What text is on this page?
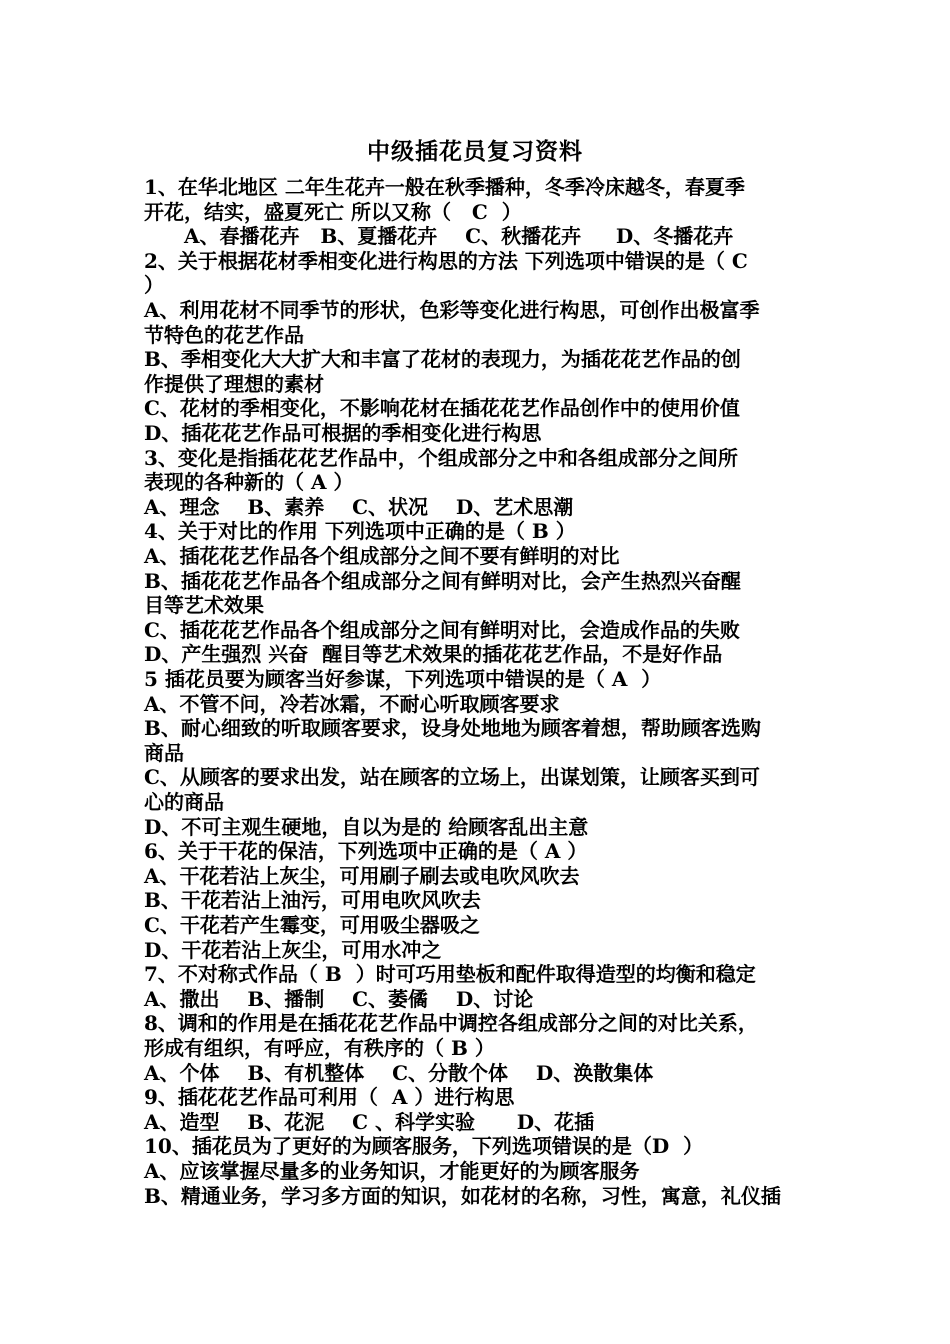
中级插花员复习资料
1、在华北地区 二年生花卉一般在秋季播种，冬季冷床越冬，春夏季
开花，结实，盛夏死亡 所以又称（   C  ）
A、春播花卉   B、夏播花卉    C、秋播花卉     D、冬播花卉
2、关于根据花材季相变化进行构思的方法 下列选项中错误的是（ C
）
A、利用花材不同季节的形状，色彩等变化进行构思，可创作出极富季
节特色的花艺作品
B、季相变化大大扩大和丰富了花材的表现力，为插花花艺作品的创
作提供了理想的素材
C、花材的季相变化，不影响花材在插花花艺作品创作中的使用价值
D、插花花艺作品可根据的季相变化进行构思
3、变化是指插花花艺作品中，个组成部分之中和各组成部分之间所
表现的各种新的（ A ）
A、理念    B、素养    C、状况    D、艺术思潮
4、关于对比的作用 下列选项中正确的是（ B ）
A、插花花艺作品各个组成部分之间不要有鲜明的对比
B、插花花艺作品各个组成部分之间有鲜明对比，会产生热烈兴奋醒
目等艺术效果
C、插花花艺作品各个组成部分之间有鲜明对比，会造成作品的失败
D、产生强烈 兴奋  醒目等艺术效果的插花花艺作品，不是好作品
5 插花员要为顾客当好参谋，下列选项中错误的是（ A  ）
A、不管不问，冷若冰霜，不耐心听取顾客要求
B、耐心细致的听取顾客要求，设身处地地为顾客着想，帮助顾客选购
商品
C、从顾客的要求出发，站在顾客的立场上，出谋划策，让顾客买到可
心的商品
D、不可主观生硬地，自以为是的 给顾客乱出主意
6、关于干花的保洁，下列选项中正确的是（ A ）
A、干花若沾上灰尘，可用刷子刷去或电吹风吹去
B、干花若沾上油污，可用电吹风吹去
C、干花若产生霉变，可用吸尘器吸之
D、干花若沾上灰尘，可用水冲之
7、不对称式作品（ B  ）时可巧用垫板和配件取得造型的均衡和稳定
A、撒出    B、播制    C、萎僪    D、讨论
8、调和的作用是在插花花艺作品中调控各组成部分之间的对比关系，
形成有组织，有呼应，有秩序的（ B ）
A、个体    B、有机整体    C、分散个体    D、涣散集体
9、插花花艺作品可利用（  A ）进行构思
A、造型    B、花泥    C 、科学实验      D、花插
10、插花员为了更好的为顾客服务，下列选项错误的是（D  ）
A、应该掌握尽量多的业务知识，才能更好的为顾客服务
B、精通业务，学习多方面的知识，如花材的名称，习性，寓意，礼仪插
